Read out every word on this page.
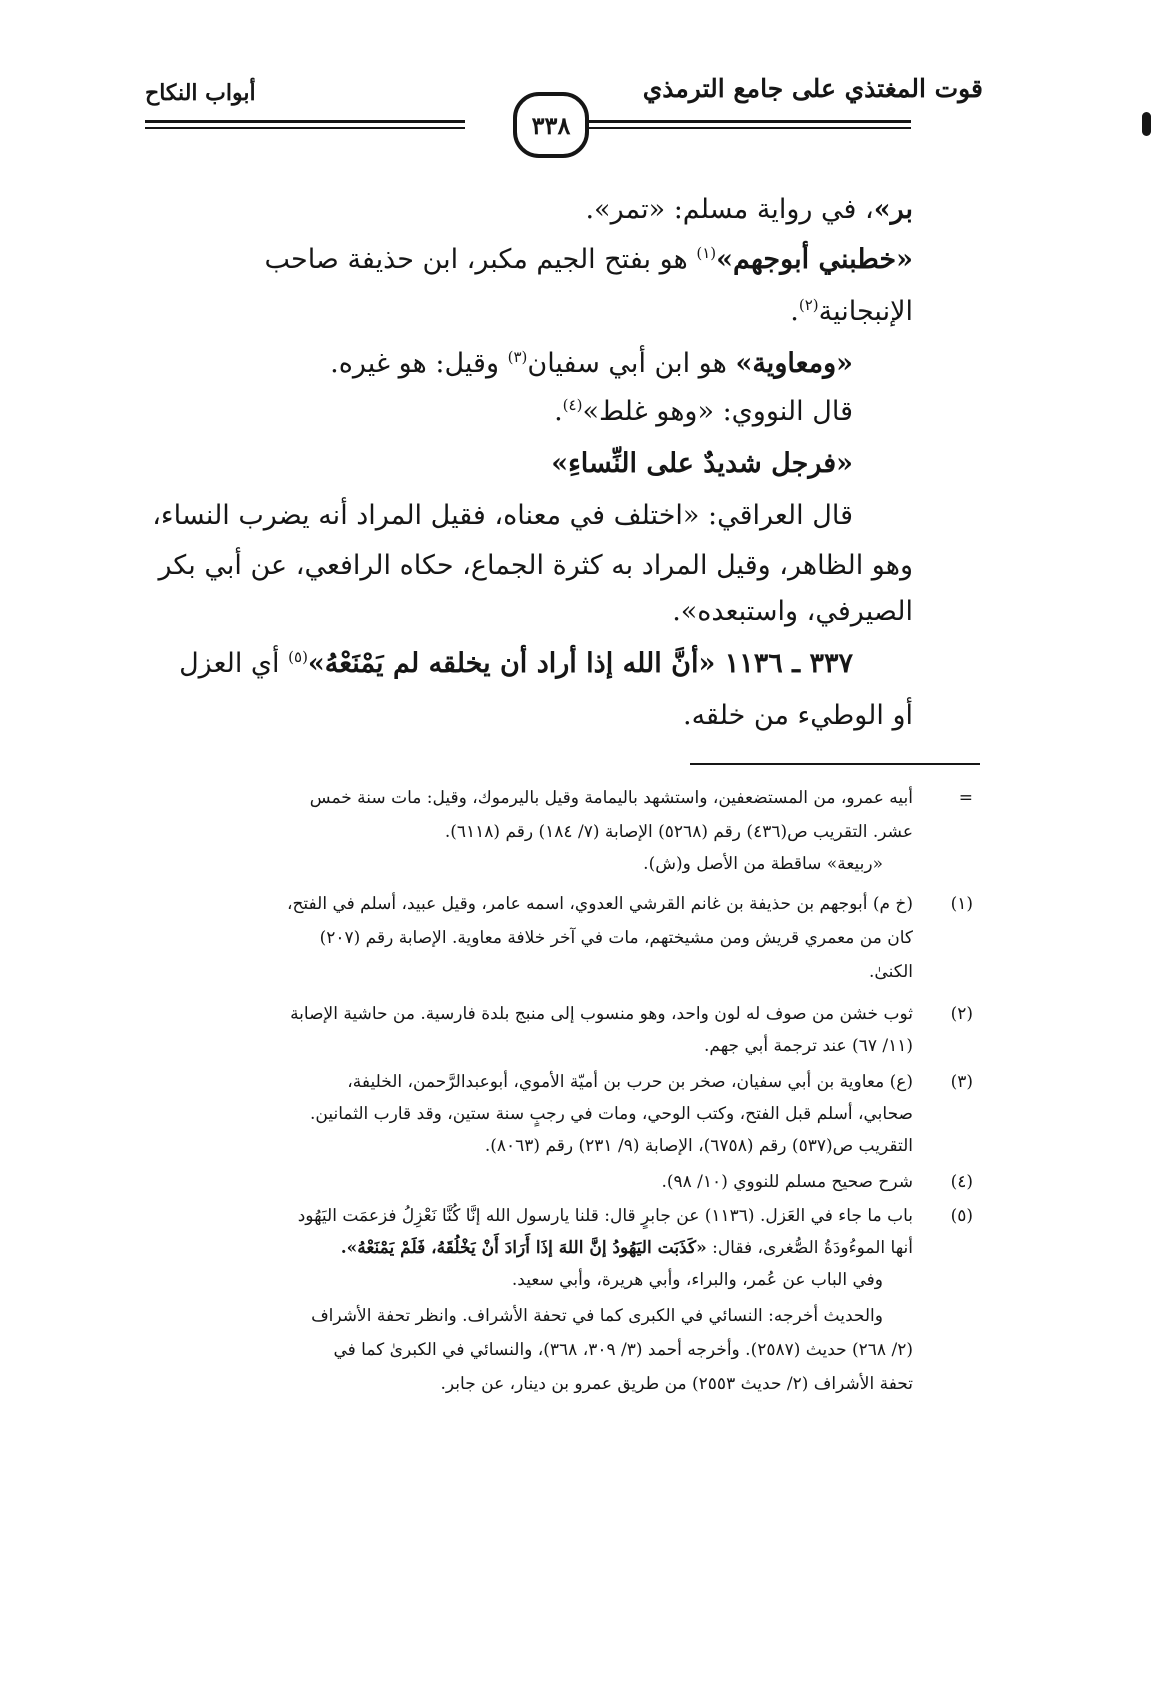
قوت المغتذي على جامع الترمذي
أبواب النكاح
٣٣٨
بر»، في رواية مسلم: «تمر».
«خطبني أبوجهم»$^{(١)}$ هو بفتح الجيم مكبر، ابن حذيفة صاحب
الإنبجانية$^{(٢)}$.
«ومعاوية» هو ابن أبي سفيان$^{(٣)}$ وقيل: هو غيره.
قال النووي: «وهو غلط»$^{(٤)}$.
«فرجل شديدٌ على النِّساءِ»
قال العراقي: «اختلف في معناه، فقيل المراد أنه يضرب النساء،
وهو الظاهر، وقيل المراد به كثرة الجماع، حكاه الرافعي، عن أبي بكر
الصيرفي، واستبعده».
٣٣٧ ـ ١١٣٦ «أنَّ الله إذا أراد أن يخلقه لم يَمْنَعْهُ»$^{(٥)}$ أي العزل
أو الوطيء من خلقه.
=
أبيه عمرو، من المستضعفين، واستشهد باليمامة وقيل باليرموك، وقيل: مات سنة خمس
عشر. التقريب ص(٤٣٦) رقم (٥٢٦٨) الإصابة (٧/ ١٨٤) رقم (٦١١٨).
«ربيعة» ساقطة من الأصل و(ش).
(١)
(خ م) أبوجهم بن حذيفة بن غانم القرشي العدوي، اسمه عامر، وقيل عبيد، أسلم في الفتح،
كان من معمري قريش ومن مشيختهم، مات في آخر خلافة معاوية. الإصابة رقم (٢٠٧)
الكنىٰ.
(٢)
ثوب خشن من صوف له لون واحد، وهو منسوب إلى منبج بلدة فارسية. من حاشية الإصابة
(١١/ ٦٧) عند ترجمة أبي جهم.
(٣)
(ع) معاوية بن أبي سفيان، صخر بن حرب بن أميّة الأموي، أبوعبدالرَّحمن، الخليفة،
صحابي، أسلم قبل الفتح، وكتب الوحي، ومات في رجبٍ سنة ستين، وقد قارب الثمانين.
التقريب ص(٥٣٧) رقم (٦٧٥٨)، الإصابة (٩/ ٢٣١) رقم (٨٠٦٣).
(٤)
شرح صحيح مسلم للنووي (١٠/ ٩٨).
(٥)
باب ما جاء في العَزل. (١١٣٦) عن جابرٍ قال: قلنا يارسول الله إنَّا كُنَّا نَعْزِلُ فزعمَت اليَهُود
أنها الموءُودَةُ الصُّغرى، فقال: «كَذَبَت اليَهُودُ إنَّ اللهَ إذَا أَرَادَ أَنْ يَخْلُقَهُ، فَلَمْ يَمْنَعْهُ».
وفي الباب عن عُمر، والبراء، وأبي هريرة، وأبي سعيد.
والحديث أخرجه: النسائي في الكبرى كما في تحفة الأشراف. وانظر تحفة الأشراف
(٢/ ٢٦٨) حديث (٢٥٨٧). وأخرجه أحمد (٣/ ٣٠٩، ٣٦٨)، والنسائي في الكبرىٰ كما في
تحفة الأشراف (٢/ حديث ٢٥٥٣) من طريق عمرو بن دينار، عن جابر.
